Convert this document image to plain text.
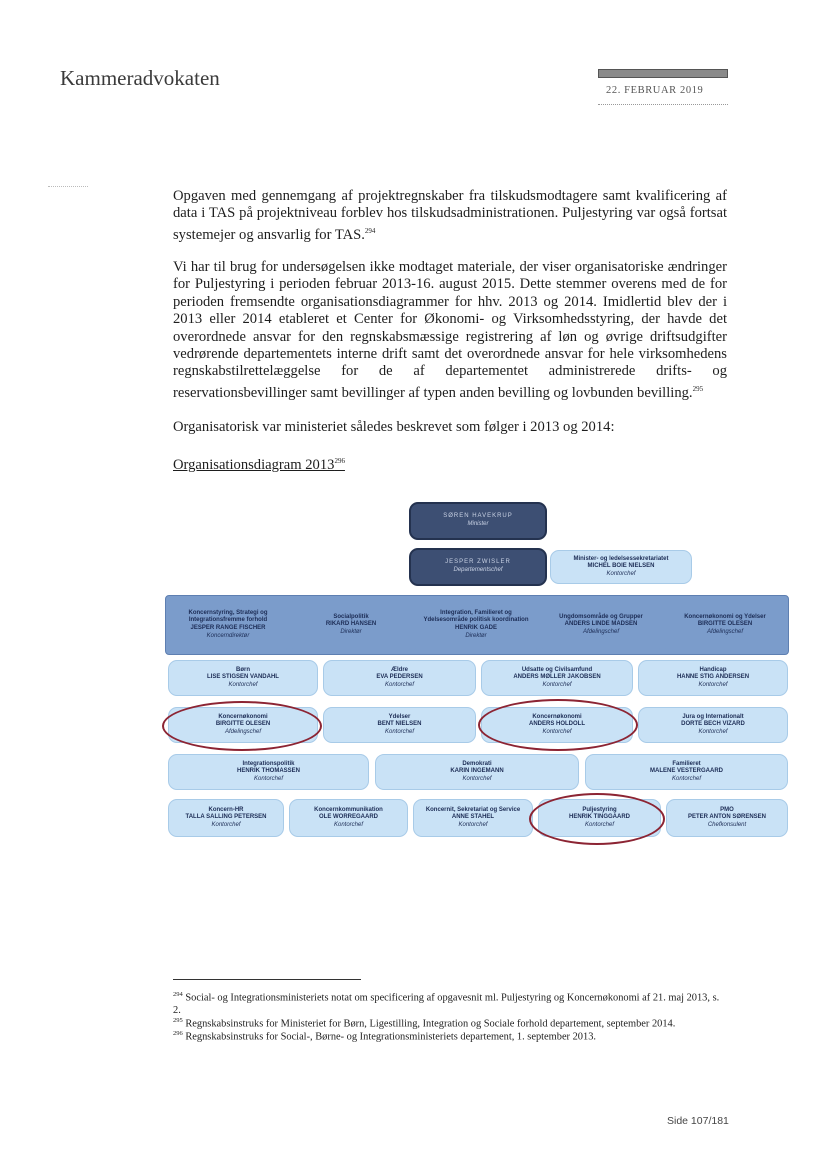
Kammeradvokaten
22. FEBRUAR 2019
Opgaven med gennemgang af projektregnskaber fra tilskudsmodtagere samt kvalificering af data i TAS på projektniveau forblev hos tilskudsadministrationen. Puljestyring var også fortsat systemejer og ansvarlig for TAS.$^{294}$
Vi har til brug for undersøgelsen ikke modtaget materiale, der viser organisatoriske ændringer for Puljestyring i perioden februar 2013-16. august 2015. Dette stemmer overens med de for perioden fremsendte organisationsdiagrammer for hhv. 2013 og 2014. Imidlertid blev der i 2013 eller 2014 etableret et Center for Økonomi- og Virksomhedsstyring, der havde det overordnede ansvar for den regnskabsmæssige registrering af løn og øvrige driftsudgifter vedrørende departementets interne drift samt det overordnede ansvar for hele virksomhedens regnskabstilrettelæggelse for de af departementet administrerede drifts- og reservationsbevillinger samt bevillinger af typen anden bevilling og lovbunden bevilling.$^{295}$
Organisatorisk var ministeriet således beskrevet som følger i 2013 og 2014:
Organisationsdiagram 2013$^{296}$
SØREN HAVEKRUP
Minister
JESPER ZWISLER
Departementschef
Minister- og ledelsessekretariatet
MICHEL BOIE NIELSEN
Kontorchef
Koncernstyring, Strategi og
Integrationsfremme forhold
JESPER RANGE FISCHER
Koncerndirektør
Socialpolitik
RIKARD HANSEN
Direktør
Integration, Familieret og
Ydelsesområde politisk koordination
HENRIK GADE
Direktør
Ungdomsområde og Grupper
ANDERS LINDE MADSEN
Afdelingschef
Koncernøkonomi og Ydelser
BIRGITTE OLESEN
Afdelingschef
Børn
LISE STIGSEN VANDAHL
Kontorchef
Ældre
EVA PEDERSEN
Kontorchef
Udsatte og Civilsamfund
ANDERS MØLLER JAKOBSEN
Kontorchef
Handicap
HANNE STIG ANDERSEN
Kontorchef
Koncernøkonomi
BIRGITTE OLESEN
Afdelingschef
Ydelser
BENT NIELSEN
Kontorchef
Koncernøkonomi
ANDERS HOLDOLL
Kontorchef
Jura og Internationalt
DORTE BECH VIZARD
Kontorchef
Integrationspolitik
HENRIK THOMASSEN
Kontorchef
Demokrati
KARIN INGEMANN
Kontorchef
Familieret
MALENE VESTERGAARD
Kontorchef
Koncern-HR
TALLA SALLING PETERSEN
Kontorchef
Koncernkommunikation
OLE WORREGAARD
Kontorchef
Koncernit, Sekretariat og Service
ANNE STAHEL
Kontorchef
Puljestyring
HENRIK TINGGAARD
Kontorchef
PMO
PETER ANTON SØRENSEN
Chefkonsulent
$^{294}$ Social- og Integrationsministeriets notat om specificering af opgavesnit ml. Puljestyring og Koncernøkonomi af 21. maj 2013, s. 2.
$^{295}$ Regnskabsinstruks for Ministeriet for Børn, Ligestilling, Integration og Sociale forhold departement, september 2014.
$^{296}$ Regnskabsinstruks for Social-, Børne- og Integrationsministeriets departement, 1. september 2013.
Side 107/181
